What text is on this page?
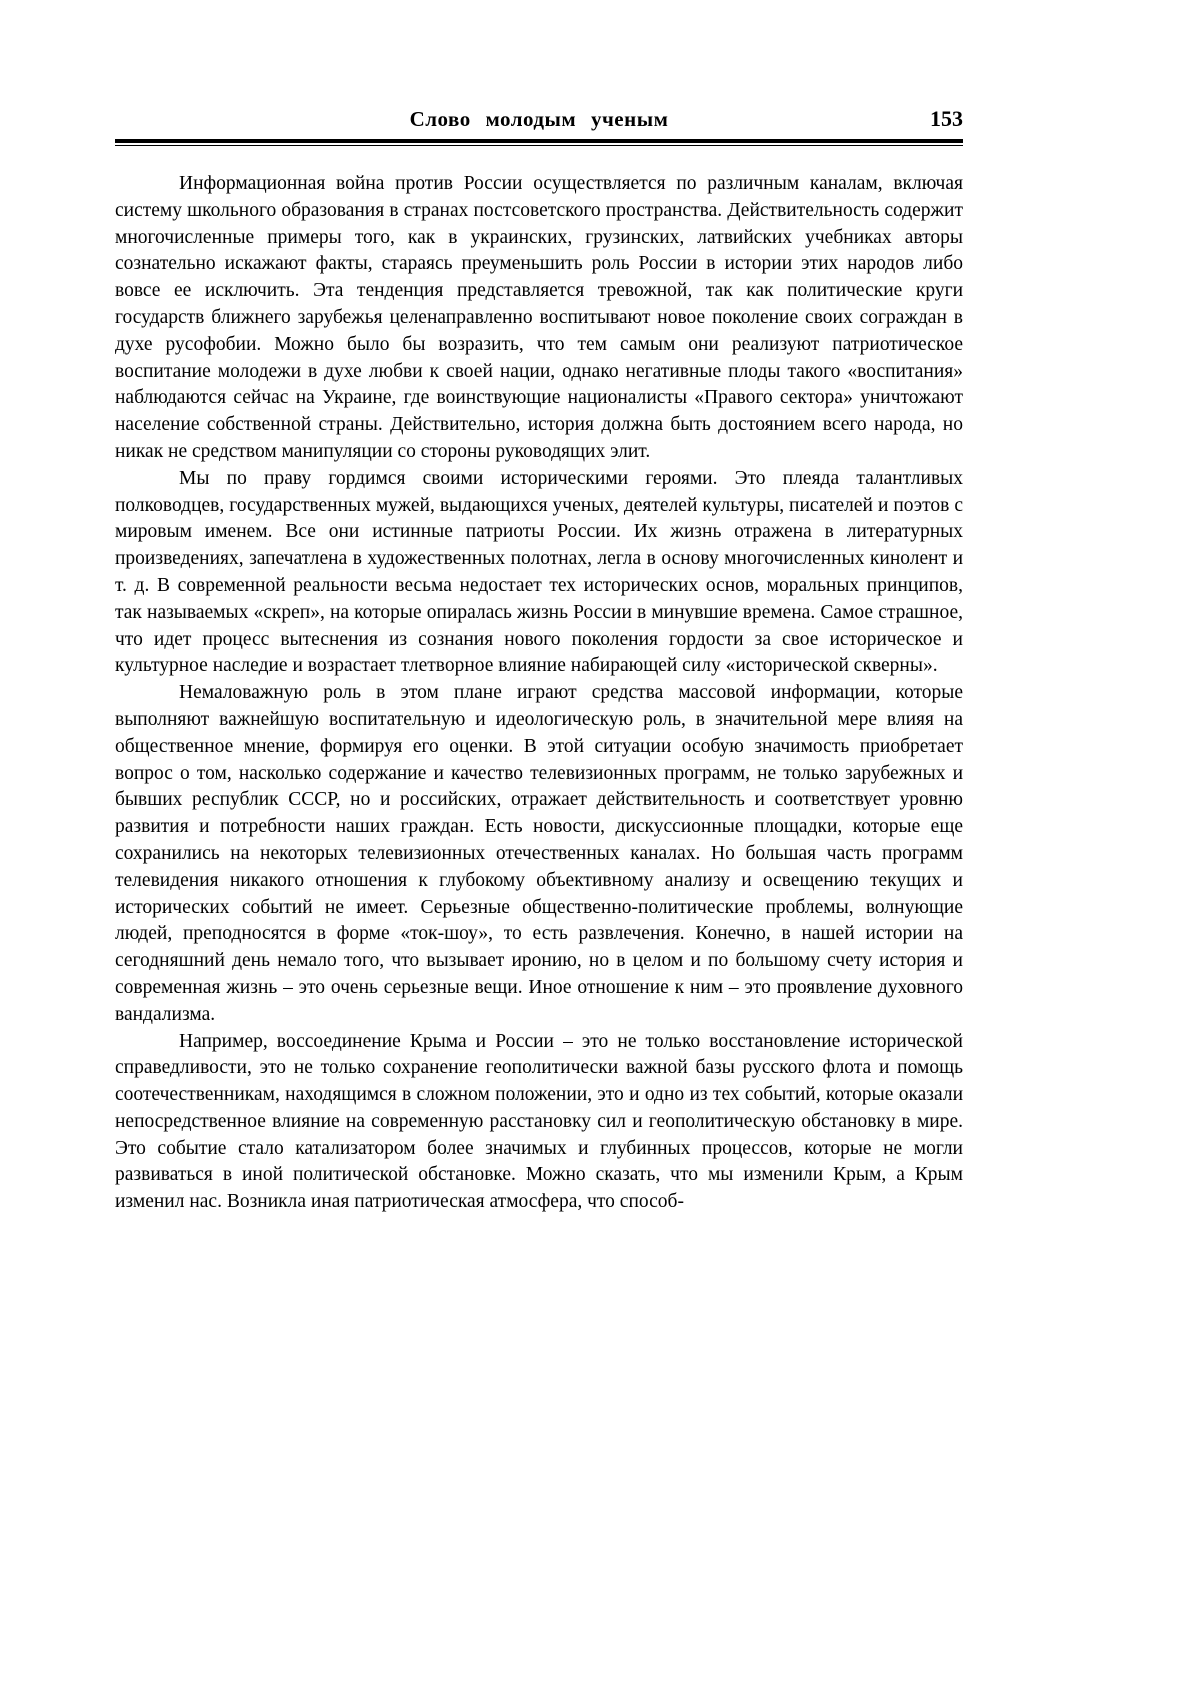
Слово молодым ученым	153

Информационная война против России осуществляется по различным каналам, включая систему школьного образования в странах постсоветского пространства. Действительность содержит многочисленные примеры того, как в украинских, грузинских, латвийских учебниках авторы сознательно искажают факты, стараясь преуменьшить роль России в истории этих народов либо вовсе ее исключить. Эта тенденция представляется тревожной, так как политические круги государств ближнего зарубежья целенаправленно воспитывают новое поколение своих сограждан в духе русофобии. Можно было бы возразить, что тем самым они реализуют патриотическое воспитание молодежи в духе любви к своей нации, однако негативные плоды такого «воспитания» наблюдаются сейчас на Украине, где воинствующие националисты «Правого сектора» уничтожают население собственной страны. Действительно, история должна быть достоянием всего народа, но никак не средством манипуляции со стороны руководящих элит.

Мы по праву гордимся своими историческими героями. Это плеяда талантливых полководцев, государственных мужей, выдающихся ученых, деятелей культуры, писателей и поэтов с мировым именем. Все они истинные патриоты России. Их жизнь отражена в литературных произведениях, запечатлена в художественных полотнах, легла в основу многочисленных кинолент и т. д. В современной реальности весьма недостает тех исторических основ, моральных принципов, так называемых «скреп», на которые опиралась жизнь России в минувшие времена. Самое страшное, что идет процесс вытеснения из сознания нового поколения гордости за свое историческое и культурное наследие и возрастает тлетворное влияние набирающей силу «исторической скверны».

Немаловажную роль в этом плане играют средства массовой информации, которые выполняют важнейшую воспитательную и идеологическую роль, в значительной мере влияя на общественное мнение, формируя его оценки. В этой ситуации особую значимость приобретает вопрос о том, насколько содержание и качество телевизионных программ, не только зарубежных и бывших республик СССР, но и российских, отражает действительность и соответствует уровню развития и потребности наших граждан. Есть новости, дискуссионные площадки, которые еще сохранились на некоторых телевизионных отечественных каналах. Но большая часть программ телевидения никакого отношения к глубокому объективному анализу и освещению текущих и исторических событий не имеет. Серьезные общественно-политические проблемы, волнующие людей, преподносятся в форме «ток-шоу», то есть развлечения. Конечно, в нашей истории на сегодняшний день немало того, что вызывает иронию, но в целом и по большому счету история и современная жизнь – это очень серьезные вещи. Иное отношение к ним – это проявление духовного вандализма.

Например, воссоединение Крыма и России – это не только восстановление исторической справедливости, это не только сохранение геополитически важной базы русского флота и помощь соотечественникам, находящимся в сложном положении, это и одно из тех событий, которые оказали непосредственное влияние на современную расстановку сил и геополитическую обстановку в мире. Это событие стало катализатором более значимых и глубинных процессов, которые не могли развиваться в иной политической обстановке. Можно сказать, что мы изменили Крым, а Крым изменил нас. Возникла иная патриотическая атмосфера, что способ-
